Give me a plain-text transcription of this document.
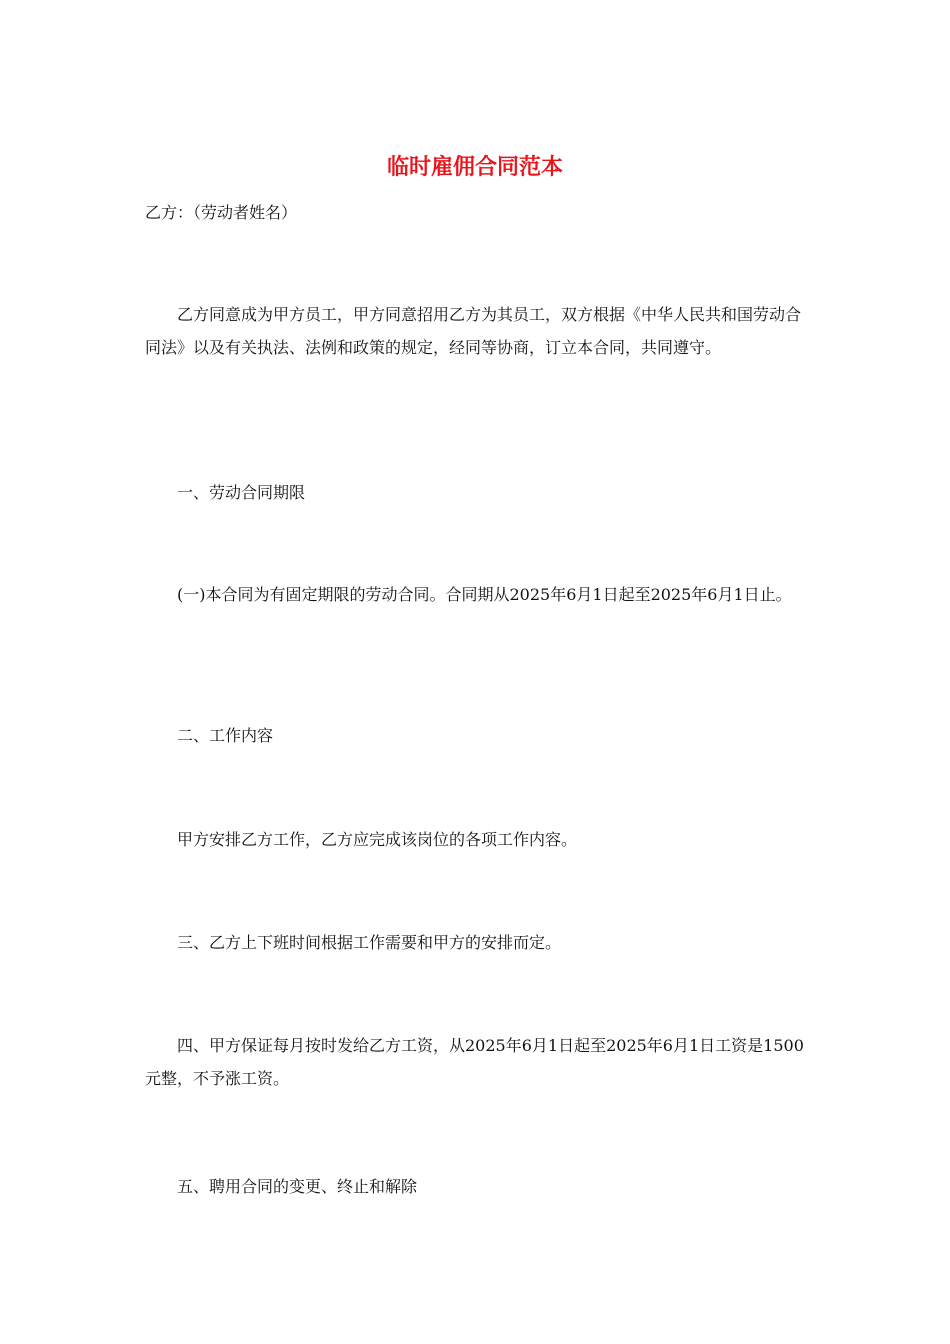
临时雇佣合同范本
乙方：（劳动者姓名）
乙方同意成为甲方员工，甲方同意招用乙方为其员工，双方根据《中华人民共和国劳动合同法》以及有关执法、法例和政策的规定，经同等协商，订立本合同，共同遵守。
一、劳动合同期限
(一)本合同为有固定期限的劳动合同。合同期从2025年6月1日起至2025年6月1日止。
二、工作内容
甲方安排乙方工作，乙方应完成该岗位的各项工作内容。
三、乙方上下班时间根据工作需要和甲方的安排而定。
四、甲方保证每月按时发给乙方工资，从2025年6月1日起至2025年6月1日工资是1500元整，不予涨工资。
五、聘用合同的变更、终止和解除
